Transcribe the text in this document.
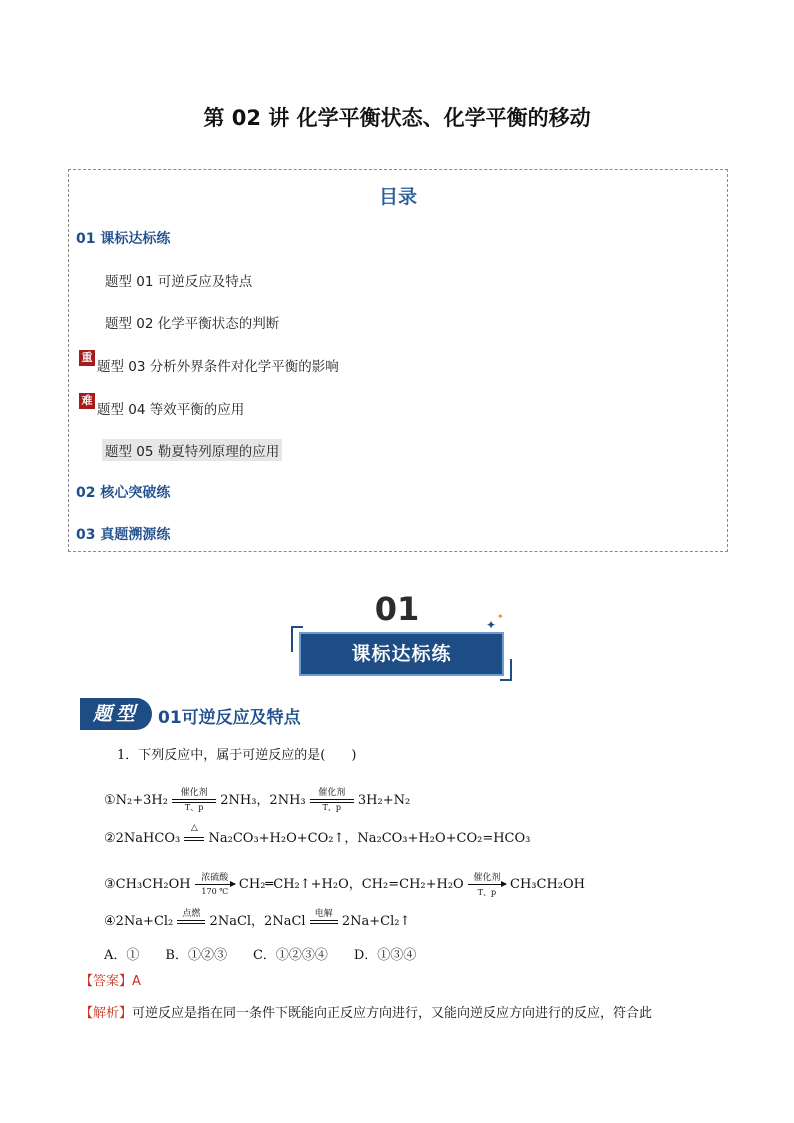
第 02 讲 化学平衡状态、化学平衡的移动
目录
01 课标达标练
题型 01 可逆反应及特点
题型 02 化学平衡状态的判断
重
题型 03 分析外界条件对化学平衡的影响
难
题型 04 等效平衡的应用
题型 05 勒夏特列原理的应用
02 核心突破练
03 真题溯源练
01	✦
✦
课标达标练
题型	01可逆反应及特点
1．下列反应中，属于可逆反应的是(　　)
①N₂+3H₂
催化剂
T、p	2NH₃，2NH₃
催化剂
T、p	3H₂+N₂
②2NaHCO₃
△
Na₂CO₃+H₂O+CO₂↑，Na₂CO₃+H₂O+CO₂=HCO₃
③CH₃CH₂OH	浓硫酸
170 ℃ CH₂═CH₂↑+H₂O，CH₂=CH₂+H₂O	催化剂
T、p
CH₃CH₂OH
④2Na+Cl₂
点燃
2NaCl，2NaCl
电解
2Na+Cl₂↑
A．①　　B．①②③　　C．①②③④　　D．①③④
【答案】A
【解析】可逆反应是指在同一条件下既能向正反应方向进行，又能向逆反应方向进行的反应，符合此
